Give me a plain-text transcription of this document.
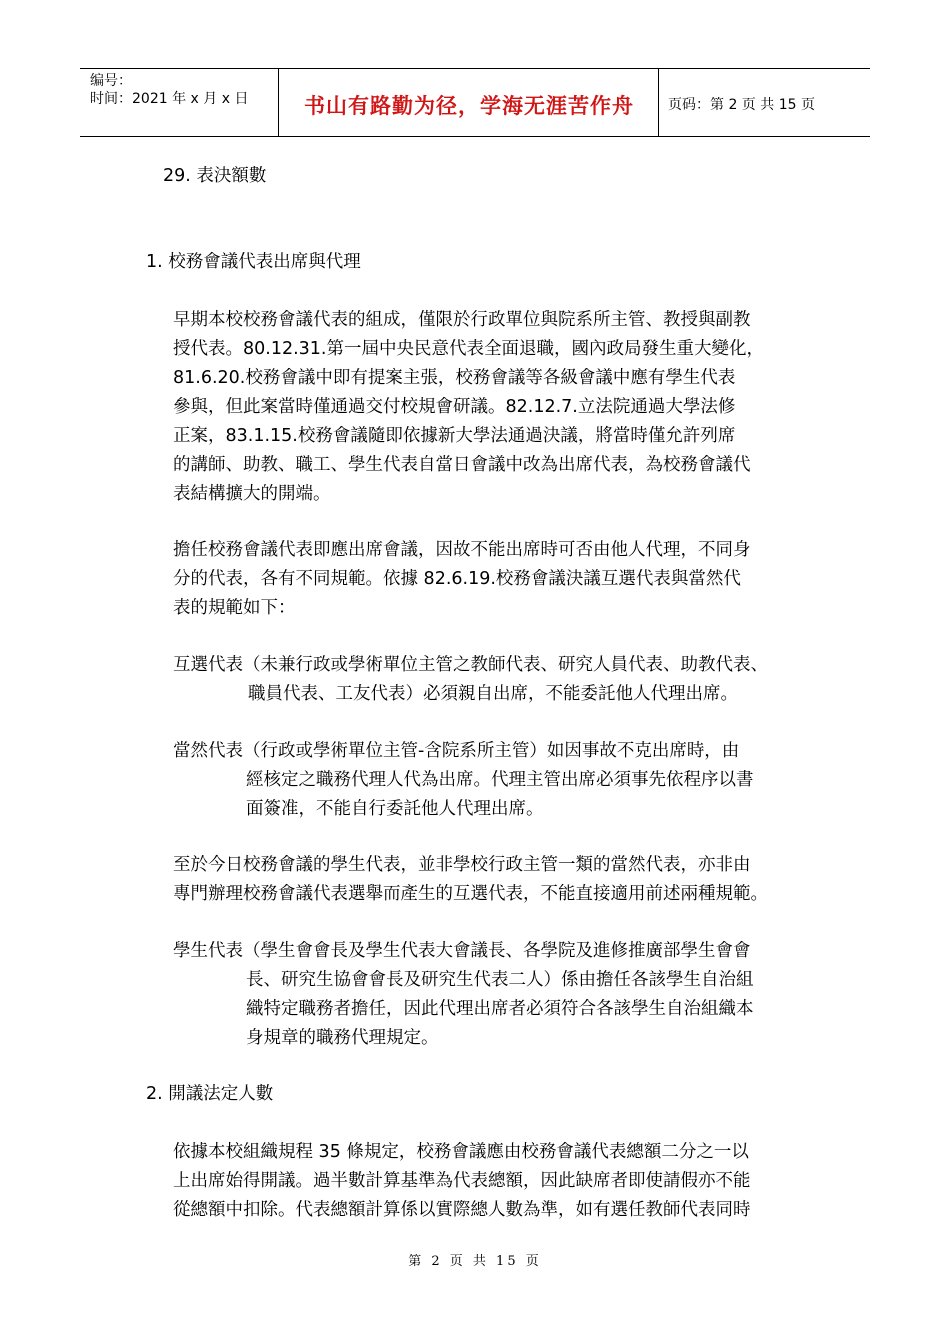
编号：
时间：2021 年 x 月 x 日	书山有路勤为径，学海无涯苦作舟	页码：第 2 页 共 15 页
29. 表決額數
1. 校務會議代表出席與代理
早期本校校務會議代表的組成，僅限於行政單位與院系所主管、教授與副教
授代表。80.12.31.第一屆中央民意代表全面退職，國內政局發生重大變化，
81.6.20.校務會議中即有提案主張，校務會議等各級會議中應有學生代表
參與，但此案當時僅通過交付校規會研議。82.12.7.立法院通過大學法修
正案，83.1.15.校務會議隨即依據新大學法通過決議，將當時僅允許列席
的講師、助教、職工、學生代表自當日會議中改為出席代表，為校務會議代
表結構擴大的開端。
擔任校務會議代表即應出席會議，因故不能出席時可否由他人代理，不同身
分的代表，各有不同規範。依據 82.6.19.校務會議決議互選代表與當然代
表的規範如下：
互選代表（未兼行政或學術單位主管之教師代表、研究人員代表、助教代表、
職員代表、工友代表）必須親自出席，不能委託他人代理出席。
當然代表（行政或學術單位主管-含院系所主管）如因事故不克出席時，由
經核定之職務代理人代為出席。代理主管出席必須事先依程序以書
面簽准，不能自行委託他人代理出席。
至於今日校務會議的學生代表，並非學校行政主管一類的當然代表，亦非由
專門辦理校務會議代表選舉而產生的互選代表，不能直接適用前述兩種規範。
學生代表（學生會會長及學生代表大會議長、各學院及進修推廣部學生會會
長、研究生協會會長及研究生代表二人）係由擔任各該學生自治組
織特定職務者擔任，因此代理出席者必須符合各該學生自治組織本
身規章的職務代理規定。
2. 開議法定人數
依據本校組織規程 35 條規定，校務會議應由校務會議代表總額二分之一以
上出席始得開議。過半數計算基準為代表總額，因此缺席者即使請假亦不能
從總額中扣除。代表總額計算係以實際總人數為準，如有選任教師代表同時
第 2 页 共 15 页
